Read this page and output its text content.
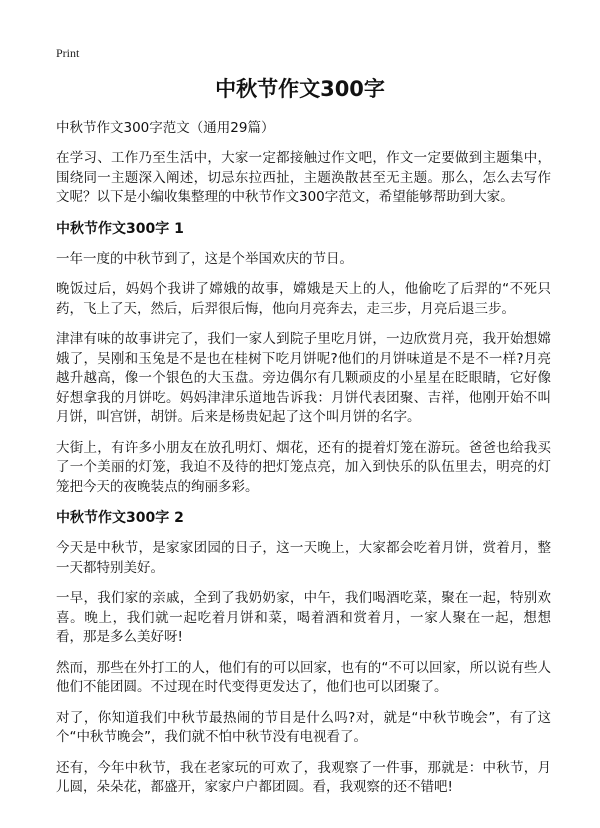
Print
中秋节作文300字
中秋节作文300字范文（通用29篇）

在学习、工作乃至生活中，大家一定都接触过作文吧，作文一定要做到主题集中，围绕同一主题深入阐述，切忌东拉西扯，主题涣散甚至无主题。那么，怎么去写作文呢？以下是小编收集整理的中秋节作文300字范文，希望能够帮助到大家。

中秋节作文300字 1

一年一度的中秋节到了，这是个举国欢庆的节日。

晚饭过后，妈妈个我讲了嫦娥的故事，嫦娥是天上的人，他偷吃了后羿的“不死只药，飞上了天，然后，后羿很后悔，他向月亮奔去，走三步，月亮后退三步。

津津有味的故事讲完了，我们一家人到院子里吃月饼，一边欣赏月亮，我开始想嫦娥了，吴刚和玉兔是不是也在桂树下吃月饼呢?他们的月饼味道是不是不一样?月亮越升越高，像一个银色的大玉盘。旁边偶尔有几颗顽皮的小星星在眨眼睛，它好像好想拿我的月饼吃。妈妈津津乐道地告诉我：月饼代表团聚、吉祥，他刚开始不叫月饼，叫宫饼，胡饼。后来是杨贵妃起了这个叫月饼的名字。

大街上，有许多小朋友在放孔明灯、烟花，还有的提着灯笼在游玩。爸爸也给我买了一个美丽的灯笼，我迫不及待的把灯笼点亮，加入到快乐的队伍里去，明亮的灯笼把今天的夜晚装点的绚丽多彩。

中秋节作文300字 2

今天是中秋节，是家家团园的日子，这一天晚上，大家都会吃着月饼，赏着月，整一天都特别美好。

一早，我们家的亲戚，全到了我奶奶家，中午，我们喝酒吃菜，聚在一起，特别欢喜。晚上，我们就一起吃着月饼和菜，喝着酒和赏着月，一家人聚在一起，想想看，那是多么美好呀!

然而，那些在外打工的人，他们有的可以回家，也有的“不可以回家，所以说有些人他们不能团圆。不过现在时代变得更发达了，他们也可以团聚了。

对了，你知道我们中秋节最热闹的节目是什么吗?对，就是“中秋节晚会”，有了这个“中秋节晚会”，我们就不怕中秋节没有电视看了。

还有，今年中秋节，我在老家玩的可欢了，我观察了一件事，那就是：中秋节，月儿圆，朵朵花，都盛开，家家户户都团圆。看，我观察的还不错吧!
